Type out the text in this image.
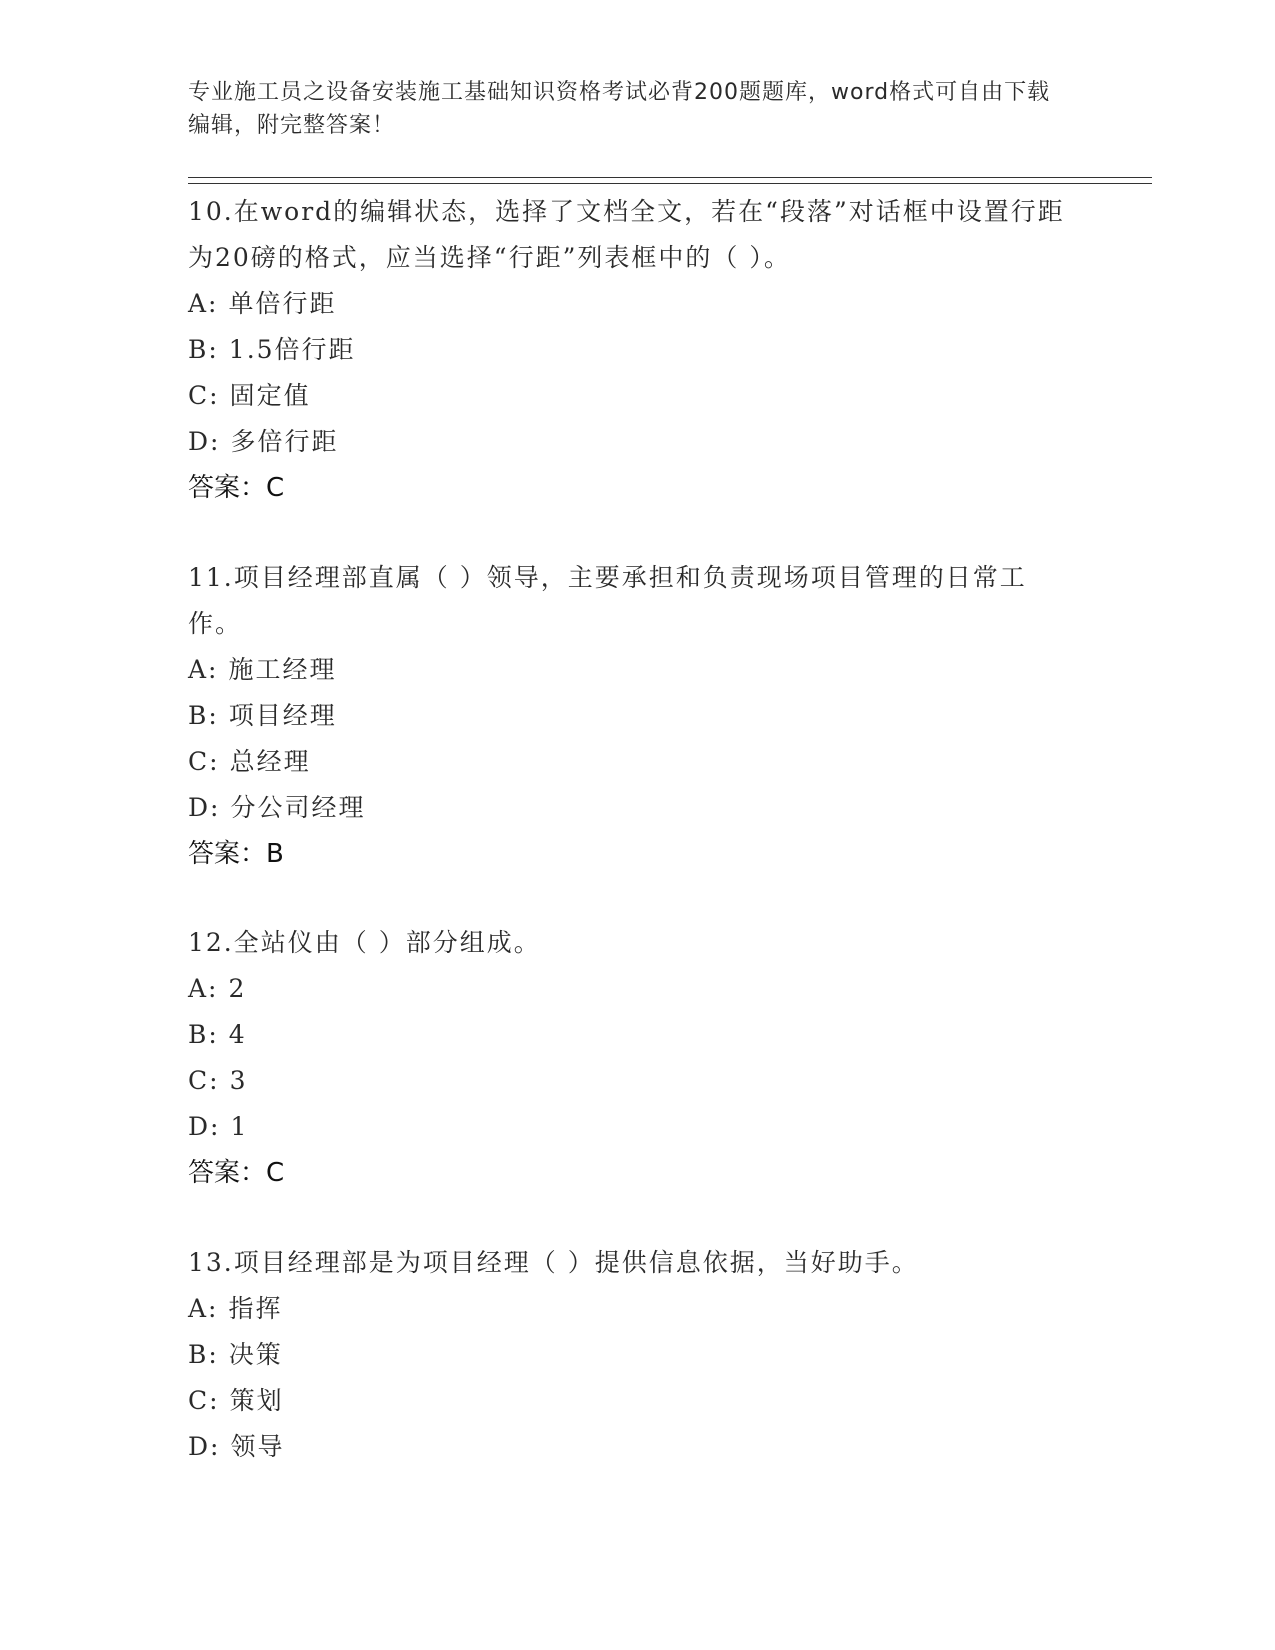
专业施工员之设备安装施工基础知识资格考试必背200题题库，word格式可自由下载编辑，附完整答案！
10.在word的编辑状态，选择了文档全文，若在“段落”对话框中设置行距为20磅的格式，应当选择“行距”列表框中的（ ）。
A: 单倍行距
B: 1.5倍行距
C: 固定值
D: 多倍行距
答案：C
11.项目经理部直属（ ）领导，主要承担和负责现场项目管理的日常工作。
A: 施工经理
B: 项目经理
C: 总经理
D: 分公司经理
答案：B
12.全站仪由（ ）部分组成。
A: 2
B: 4
C: 3
D: 1
答案：C
13.项目经理部是为项目经理（ ）提供信息依据，当好助手。
A: 指挥
B: 决策
C: 策划
D: 领导
